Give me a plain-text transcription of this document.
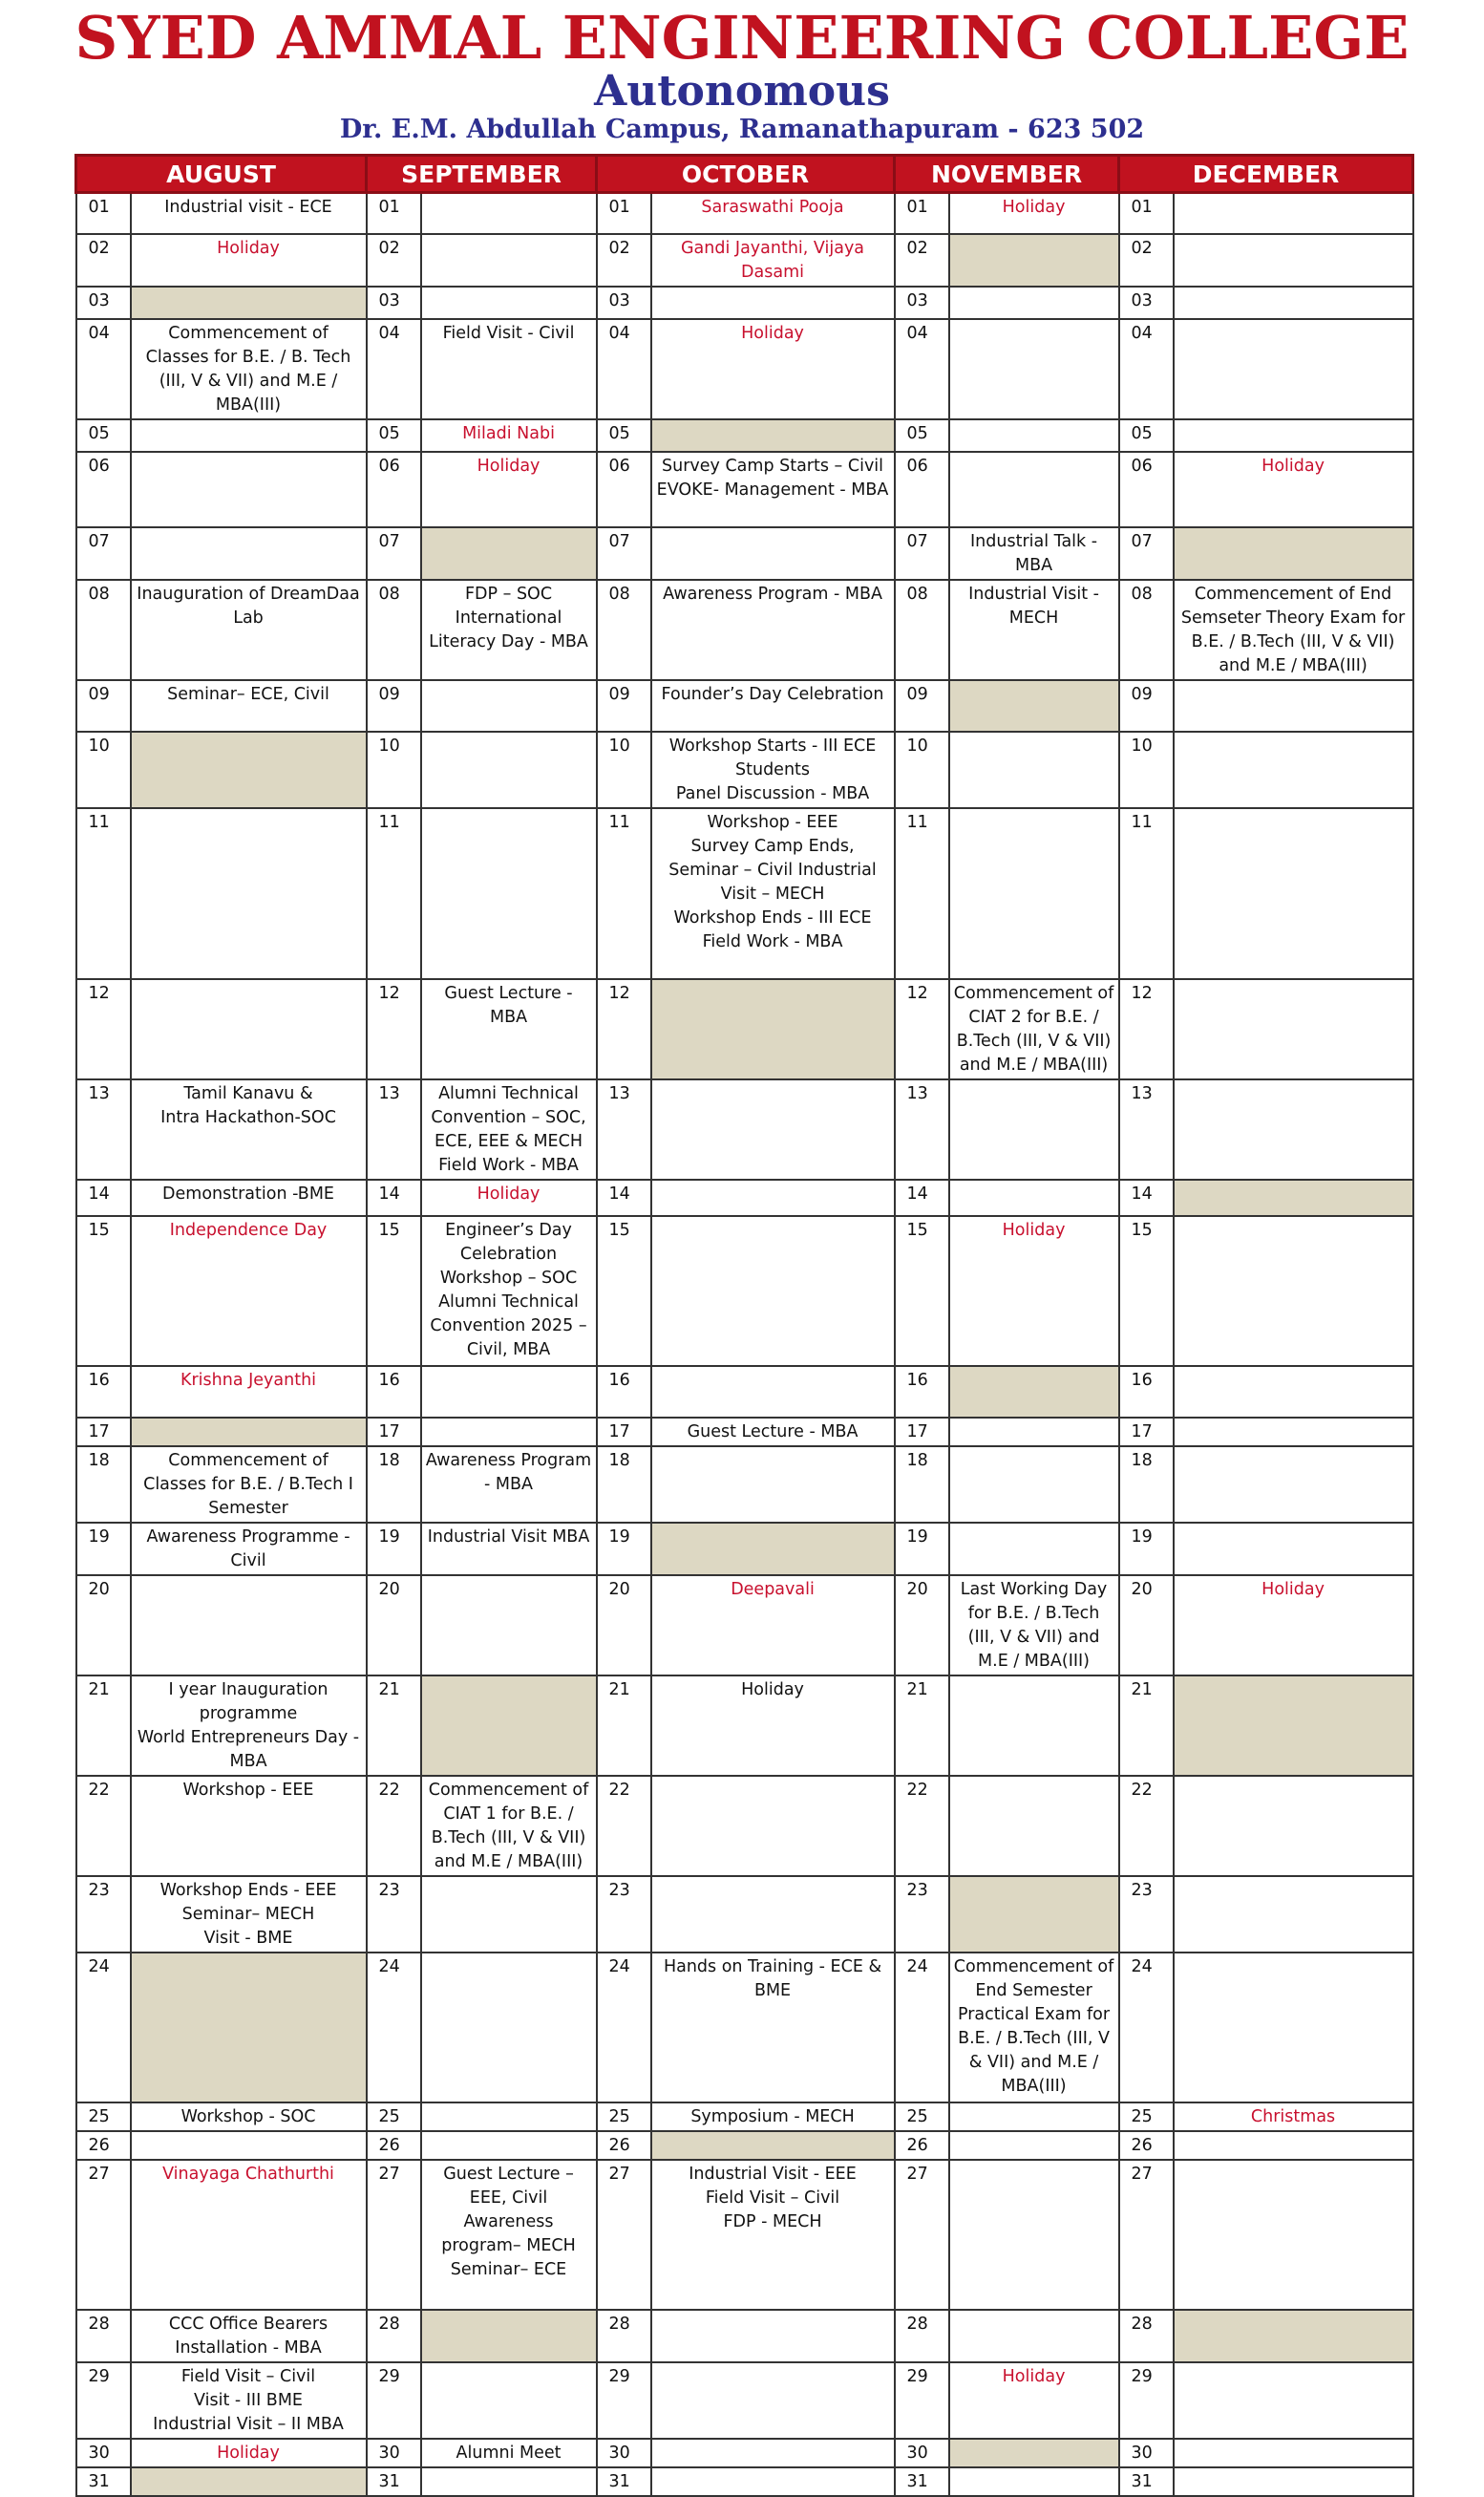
SYED AMMAL ENGINEERING COLLEGE
Autonomous
Dr. E.M. Abdullah Campus, Ramanathapuram - 623 502
AUGUST		SEPTEMBER		OCTOBER		NOVEMBER		DECEMBER	
01	Industrial visit - ECE	01		01	Saraswathi Pooja	01	Holiday	01	
02	Holiday	02		02	Gandi Jayanthi, Vijaya Dasami	02		02	
03		03		03		03		03	
04	Commencement of Classes for B.E. / B. Tech (III, V & VII) and M.E / MBA(III)	04	Field Visit - Civil	04	Holiday	04		04	
05		05	Miladi Nabi	05		05		05	
06		06	Holiday	06	Survey Camp Starts – Civil
EVOKE- Management - MBA	06		06	Holiday
07		07		07		07	Industrial Talk - MBA	07	
08	Inauguration of DreamDaa Lab	08	FDP – SOC International Literacy Day - MBA	08	Awareness Program - MBA	08	Industrial Visit - MECH	08	Commencement of End Semseter Theory Exam for B.E. / B.Tech (III, V & VII) and M.E / MBA(III)
09	Seminar– ECE, Civil	09		09	Founder’s Day Celebration	09		09	
10		10		10	Workshop Starts - III ECE Students
Panel Discussion - MBA	10		10	
11		11		11	Workshop - EEE
Survey Camp Ends,
Seminar – Civil Industrial Visit – MECH
Workshop Ends - III ECE
Field Work - MBA	11		11	
12		12	Guest Lecture - MBA	12		12	Commencement of CIAT 2 for B.E. / B.Tech (III, V & VII) and M.E / MBA(III)	12	
13	Tamil Kanavu &
Intra Hackathon-SOC	13	Alumni Technical Convention – SOC, ECE, EEE & MECH
Field Work - MBA	13		13		13	
14	Demonstration -BME	14	Holiday	14		14		14	
15	Independence Day	15	Engineer’s Day Celebration
Workshop – SOC
Alumni Technical Convention 2025 – Civil, MBA	15		15	Holiday	15	
16	Krishna Jeyanthi	16		16		16		16	
17		17		17	Guest Lecture - MBA	17		17	
18	Commencement of Classes for B.E. / B.Tech I Semester	18	Awareness Program - MBA	18		18		18	
19	Awareness Programme - Civil	19	Industrial Visit MBA	19		19		19	
20		20		20	Deepavali	20	Last Working Day for B.E. / B.Tech (III, V & VII) and M.E / MBA(III)	20	Holiday
21	I year Inauguration programme
World Entrepreneurs Day - MBA	21		21	Holiday	21		21	
22	Workshop - EEE	22	Commencement of CIAT 1 for B.E. / B.Tech (III, V & VII) and M.E / MBA(III)	22		22		22	
23	Workshop Ends - EEE
Seminar– MECH
Visit - BME	23		23		23		23	
24		24		24	Hands on Training - ECE & BME	24	Commencement of End Semester Practical Exam for B.E. / B.Tech (III, V & VII) and M.E / MBA(III)	24	
25	Workshop - SOC	25		25	Symposium - MECH	25		25	Christmas
26		26		26		26		26	
27	Vinayaga Chathurthi	27	Guest Lecture – EEE, Civil Awareness program– MECH
Seminar– ECE	27	Industrial Visit - EEE
Field Visit – Civil
FDP - MECH	27		27	
28	CCC Office Bearers Installation - MBA	28		28		28		28	
29	Field Visit – Civil
Visit - III BME
Industrial Visit – II MBA	29		29		29	Holiday	29	
30	Holiday	30	Alumni Meet	30		30		30	
31		31		31		31		31	
